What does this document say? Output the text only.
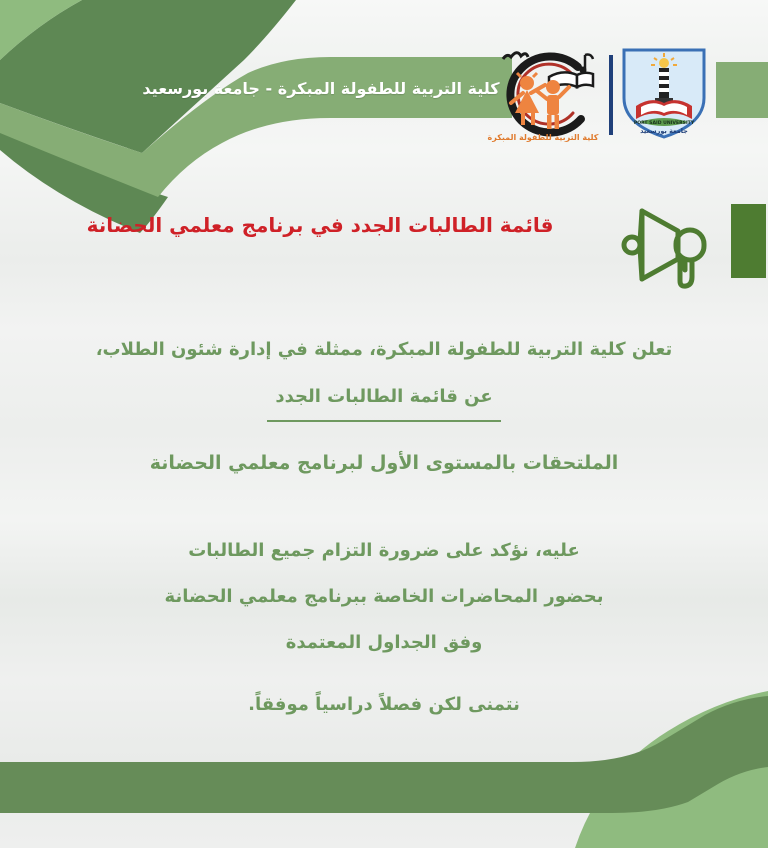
كلية التربية للطفولة المبكرة - جامعة بورسعيد
كلية التربية للطفولة المبكرة
PORT SAID UNIVERSITY
جامعة بورسعيد
قائمة الطالبات الجدد في برنامج معلمي الحضانة
تعلن كلية التربية للطفولة المبكرة، ممثلة في إدارة شئون الطلاب،
عن قائمة الطالبات الجدد
الملتحقات بالمستوى الأول لبرنامج معلمي الحضانة
عليه، نؤكد على ضرورة التزام جميع الطالبات
بحضور المحاضرات الخاصة ببرنامج معلمي الحضانة
وفق الجداول المعتمدة
نتمنى لكن فصلاً دراسياً موفقاً.
